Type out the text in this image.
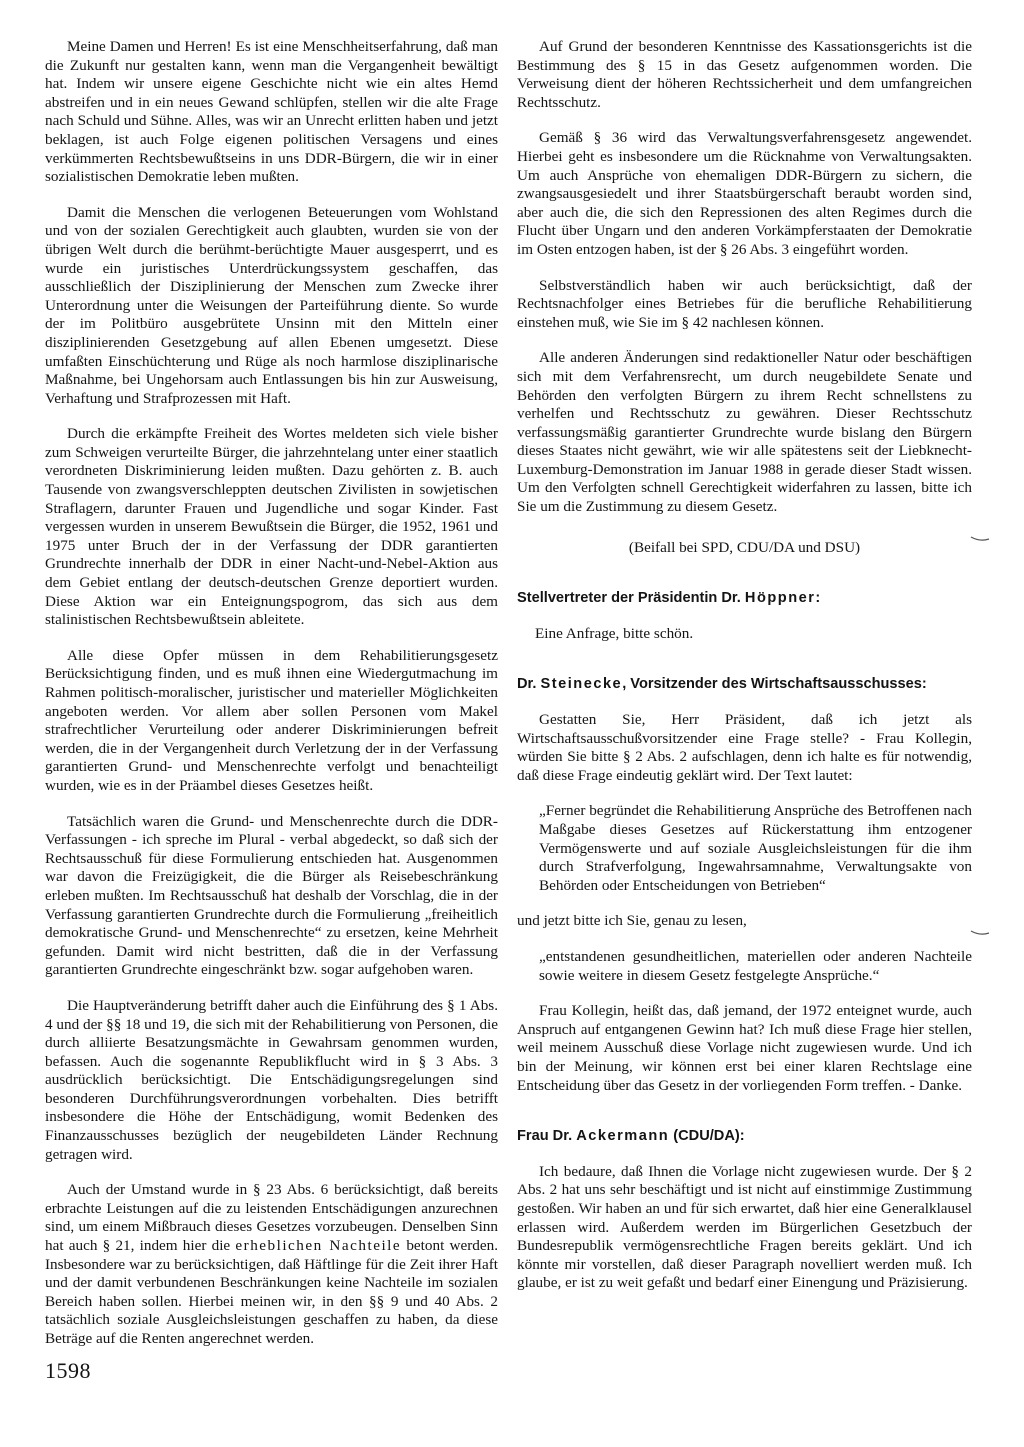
Meine Damen und Herren! Es ist eine Menschheitserfahrung, daß man die Zukunft nur gestalten kann, wenn man die Vergangenheit bewältigt hat. Indem wir unsere eigene Geschichte nicht wie ein altes Hemd abstreifen und in ein neues Gewand schlüpfen, stellen wir die alte Frage nach Schuld und Sühne. Alles, was wir an Unrecht erlitten haben und jetzt beklagen, ist auch Folge eigenen politischen Versagens und eines verkümmerten Rechtsbewußtseins in uns DDR-Bürgern, die wir in einer sozialistischen Demokratie leben mußten.

Damit die Menschen die verlogenen Beteuerungen vom Wohlstand und von der sozialen Gerechtigkeit auch glaubten, wurden sie von der übrigen Welt durch die berühmt-berüchtigte Mauer ausgesperrt, und es wurde ein juristisches Unterdrückungssystem geschaffen, das ausschließlich der Disziplinierung der Menschen zum Zwecke ihrer Unterordnung unter die Weisungen der Parteiführung diente. So wurde der im Politbüro ausgebrütete Unsinn mit den Mitteln einer disziplinierenden Gesetzgebung auf allen Ebenen umgesetzt. Diese umfaßten Einschüchterung und Rüge als noch harmlose disziplinarische Maßnahme, bei Ungehorsam auch Entlassungen bis hin zur Ausweisung, Verhaftung und Strafprozessen mit Haft.

Durch die erkämpfte Freiheit des Wortes meldeten sich viele bisher zum Schweigen verurteilte Bürger, die jahrzehntelang unter einer staatlich verordneten Diskriminierung leiden mußten. Dazu gehörten z. B. auch Tausende von zwangsverschleppten deutschen Zivilisten in sowjetischen Straflagern, darunter Frauen und Jugendliche und sogar Kinder. Fast vergessen wurden in unserem Bewußtsein die Bürger, die 1952, 1961 und 1975 unter Bruch der in der Verfassung der DDR garantierten Grundrechte innerhalb der DDR in einer Nacht-und-Nebel-Aktion aus dem Gebiet entlang der deutsch-deutschen Grenze deportiert wurden. Diese Aktion war ein Enteignungspogrom, das sich aus dem stalinistischen Rechtsbewußtsein ableitete.

Alle diese Opfer müssen in dem Rehabilitierungsgesetz Berücksichtigung finden, und es muß ihnen eine Wiedergutmachung im Rahmen politisch-moralischer, juristischer und materieller Möglichkeiten angeboten werden. Vor allem aber sollen Personen vom Makel strafrechtlicher Verurteilung oder anderer Diskriminierungen befreit werden, die in der Vergangenheit durch Verletzung der in der Verfassung garantierten Grund- und Menschenrechte verfolgt und benachteiligt wurden, wie es in der Präambel dieses Gesetzes heißt.

Tatsächlich waren die Grund- und Menschenrechte durch die DDR-Verfassungen - ich spreche im Plural - verbal abgedeckt, so daß sich der Rechtsausschuß für diese Formulierung entschieden hat. Ausgenommen war davon die Freizügigkeit, die die Bürger als Reisebeschränkung erleben mußten. Im Rechtsausschuß hat deshalb der Vorschlag, die in der Verfassung garantierten Grundrechte durch die Formulierung „freiheitlich demokratische Grund- und Menschenrechte“ zu ersetzen, keine Mehrheit gefunden. Damit wird nicht bestritten, daß die in der Verfassung garantierten Grundrechte eingeschränkt bzw. sogar aufgehoben waren.

Die Hauptveränderung betrifft daher auch die Einführung des § 1 Abs. 4 und der §§ 18 und 19, die sich mit der Rehabilitierung von Personen, die durch alliierte Besatzungsmächte in Gewahrsam genommen wurden, befassen. Auch die sogenannte Republikflucht wird in § 3 Abs. 3 ausdrücklich berücksichtigt. Die Entschädigungsregelungen sind besonderen Durchführungsverordnungen vorbehalten. Dies betrifft insbesondere die Höhe der Entschädigung, womit Bedenken des Finanzausschusses bezüglich der neugebildeten Länder Rechnung getragen wird.

Auch der Umstand wurde in § 23 Abs. 6 berücksichtigt, daß bereits erbrachte Leistungen auf die zu leistenden Entschädigungen anzurechnen sind, um einem Mißbrauch dieses Gesetzes vorzubeugen. Denselben Sinn hat auch § 21, indem hier die erheblichen Nachteile betont werden. Insbesondere war zu berücksichtigen, daß Häftlinge für die Zeit ihrer Haft und der damit verbundenen Beschränkungen keine Nachteile im sozialen Bereich haben sollen. Hierbei meinen wir, in den §§ 9 und 40 Abs. 2 tatsächlich soziale Ausgleichsleistungen geschaffen zu haben, da diese Beträge auf die Renten angerechnet werden.

Auf Grund der besonderen Kenntnisse des Kassationsgerichts ist die Bestimmung des § 15 in das Gesetz aufgenommen worden. Die Verweisung dient der höheren Rechtssicherheit und dem umfangreichen Rechtsschutz.

Gemäß § 36 wird das Verwaltungsverfahrensgesetz angewendet. Hierbei geht es insbesondere um die Rücknahme von Verwaltungsakten. Um auch Ansprüche von ehemaligen DDR-Bürgern zu sichern, die zwangsausgesiedelt und ihrer Staatsbürgerschaft beraubt worden sind, aber auch die, die sich den Repressionen des alten Regimes durch die Flucht über Ungarn und den anderen Vorkämpferstaaten der Demokratie im Osten entzogen haben, ist der § 26 Abs. 3 eingeführt worden.

Selbstverständlich haben wir auch berücksichtigt, daß der Rechtsnachfolger eines Betriebes für die berufliche Rehabilitierung einstehen muß, wie Sie im § 42 nachlesen können.

Alle anderen Änderungen sind redaktioneller Natur oder beschäftigen sich mit dem Verfahrensrecht, um durch neugebildete Senate und Behörden den verfolgten Bürgern zu ihrem Recht schnellstens zu verhelfen und Rechtsschutz zu gewähren. Dieser Rechtsschutz verfassungsmäßig garantierter Grundrechte wurde bislang den Bürgern dieses Staates nicht gewährt, wie wir alle spätestens seit der Liebknecht-Luxemburg-Demonstration im Januar 1988 in gerade dieser Stadt wissen. Um den Verfolgten schnell Gerechtigkeit widerfahren zu lassen, bitte ich Sie um die Zustimmung zu diesem Gesetz.

(Beifall bei SPD, CDU/DA und DSU)

Stellvertreter der Präsidentin Dr. Höppner:

Eine Anfrage, bitte schön.

Dr. Steinecke, Vorsitzender des Wirtschaftsausschusses:

Gestatten Sie, Herr Präsident, daß ich jetzt als Wirtschaftsausschußvorsitzender eine Frage stelle? - Frau Kollegin, würden Sie bitte § 2 Abs. 2 aufschlagen, denn ich halte es für notwendig, daß diese Frage eindeutig geklärt wird. Der Text lautet:

„Ferner begründet die Rehabilitierung Ansprüche des Betroffenen nach Maßgabe dieses Gesetzes auf Rückerstattung ihm entzogener Vermögenswerte und auf soziale Ausgleichsleistungen für die ihm durch Strafverfolgung, Ingewahrsamnahme, Verwaltungsakte von Behörden oder Entscheidungen von Betrieben“

und jetzt bitte ich Sie, genau zu lesen,

„entstandenen gesundheitlichen, materiellen oder anderen Nachteile sowie weitere in diesem Gesetz festgelegte Ansprüche.“

Frau Kollegin, heißt das, daß jemand, der 1972 enteignet wurde, auch Anspruch auf entgangenen Gewinn hat? Ich muß diese Frage hier stellen, weil meinem Ausschuß diese Vorlage nicht zugewiesen wurde. Und ich bin der Meinung, wir können erst bei einer klaren Rechtslage eine Entscheidung über das Gesetz in der vorliegenden Form treffen. - Danke.

Frau Dr. Ackermann (CDU/DA):

Ich bedaure, daß Ihnen die Vorlage nicht zugewiesen wurde. Der § 2 Abs. 2 hat uns sehr beschäftigt und ist nicht auf einstimmige Zustimmung gestoßen. Wir haben an und für sich erwartet, daß hier eine Generalklausel erlassen wird. Außerdem werden im Bürgerlichen Gesetzbuch der Bundesrepublik vermögensrechtliche Fragen bereits geklärt. Und ich könnte mir vorstellen, daß dieser Paragraph novelliert werden muß. Ich glaube, er ist zu weit gefaßt und bedarf einer Einengung und Präzisierung.

1598
